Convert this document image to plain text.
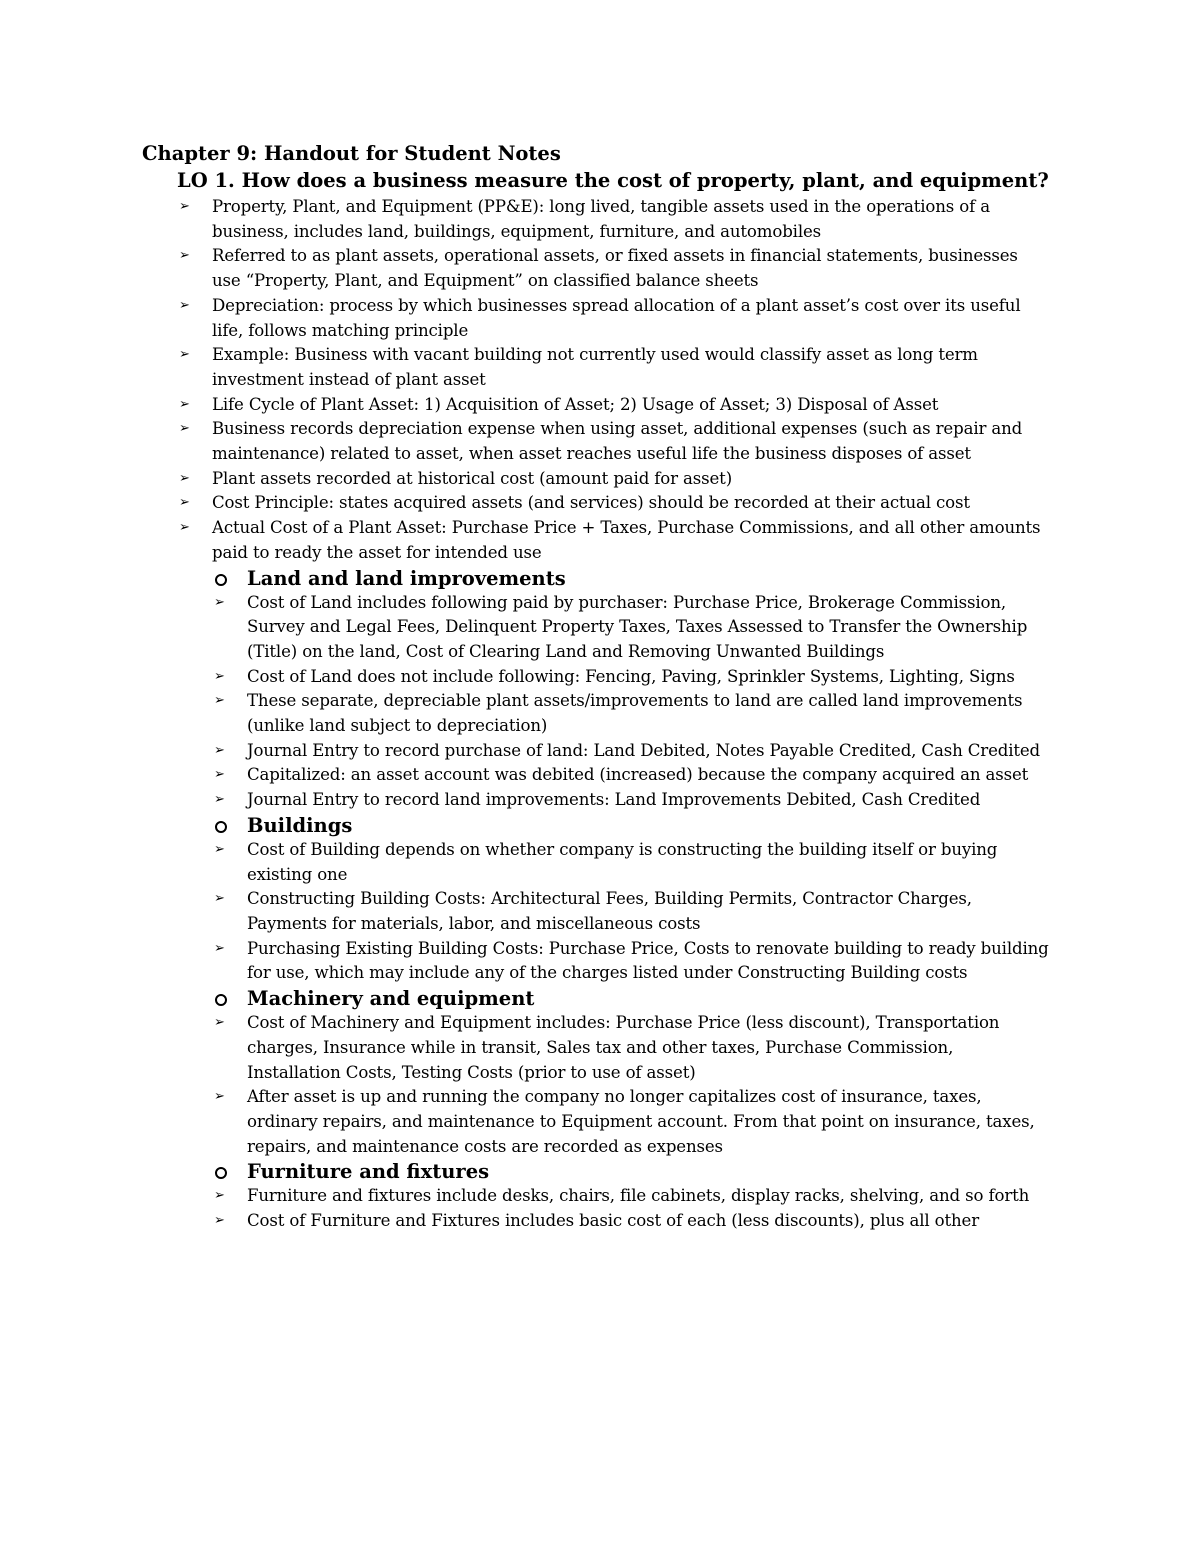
Chapter 9: Handout for Student Notes
LO 1. How does a business measure the cost of property, plant, and equipment?
➢ Property, Plant, and Equipment (PP&E): long lived, tangible assets used in the operations of a business, includes land, buildings, equipment, furniture, and automobiles
➢ Referred to as plant assets, operational assets, or fixed assets in financial statements, businesses use “Property, Plant, and Equipment” on classified balance sheets
➢ Depreciation: process by which businesses spread allocation of a plant asset’s cost over its useful life, follows matching principle
➢ Example: Business with vacant building not currently used would classify asset as long term investment instead of plant asset
➢ Life Cycle of Plant Asset: 1) Acquisition of Asset; 2) Usage of Asset; 3) Disposal of Asset
➢ Business records depreciation expense when using asset, additional expenses (such as repair and maintenance) related to asset, when asset reaches useful life the business disposes of asset
➢ Plant assets recorded at historical cost (amount paid for asset)
➢ Cost Principle: states acquired assets (and services) should be recorded at their actual cost
➢ Actual Cost of a Plant Asset: Purchase Price + Taxes, Purchase Commissions, and all other amounts paid to ready the asset for intended use
Land and land improvements
➢ Cost of Land includes following paid by purchaser: Purchase Price, Brokerage Commission, Survey and Legal Fees, Delinquent Property Taxes, Taxes Assessed to Transfer the Ownership (Title) on the land, Cost of Clearing Land and Removing Unwanted Buildings
➢ Cost of Land does not include following: Fencing, Paving, Sprinkler Systems, Lighting, Signs
➢ These separate, depreciable plant assets/improvements to land are called land improvements (unlike land subject to depreciation)
➢ Journal Entry to record purchase of land: Land Debited, Notes Payable Credited, Cash Credited
➢ Capitalized: an asset account was debited (increased) because the company acquired an asset
➢ Journal Entry to record land improvements: Land Improvements Debited, Cash Credited
Buildings
➢ Cost of Building depends on whether company is constructing the building itself or buying existing one
➢ Constructing Building Costs: Architectural Fees, Building Permits, Contractor Charges, Payments for materials, labor, and miscellaneous costs
➢ Purchasing Existing Building Costs: Purchase Price, Costs to renovate building to ready building for use, which may include any of the charges listed under Constructing Building costs
Machinery and equipment
➢ Cost of Machinery and Equipment includes: Purchase Price (less discount), Transportation charges, Insurance while in transit, Sales tax and other taxes, Purchase Commission, Installation Costs, Testing Costs (prior to use of asset)
➢ After asset is up and running the company no longer capitalizes cost of insurance, taxes, ordinary repairs, and maintenance to Equipment account. From that point on insurance, taxes, repairs, and maintenance costs are recorded as expenses
Furniture and fixtures
➢ Furniture and fixtures include desks, chairs, file cabinets, display racks, shelving, and so forth
➢ Cost of Furniture and Fixtures includes basic cost of each (less discounts), plus all other
